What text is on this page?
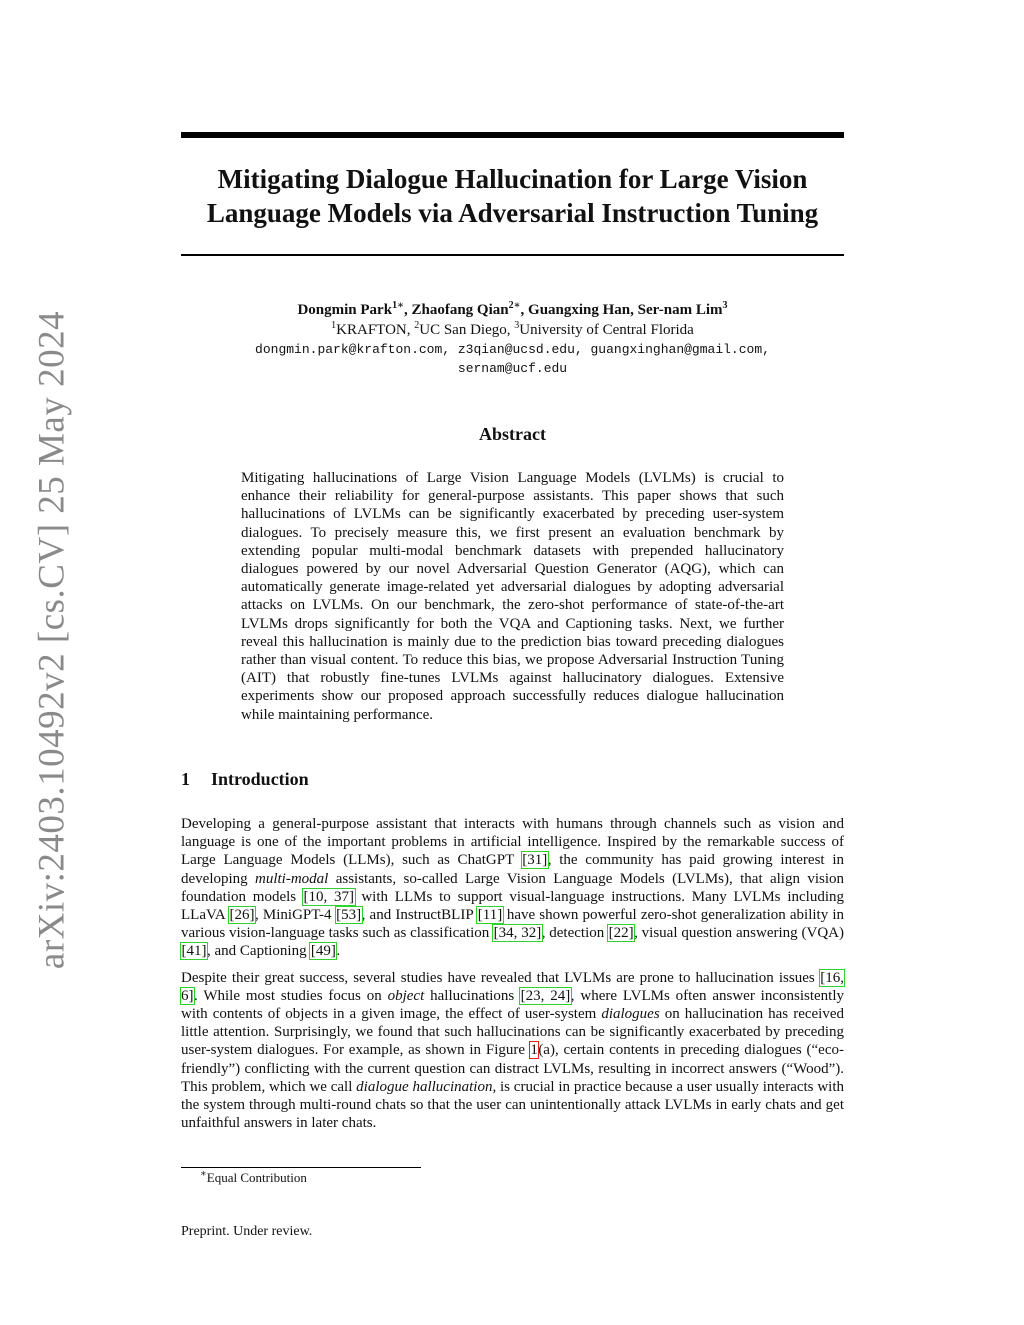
arXiv:2403.10492v2 [cs.CV] 25 May 2024
Mitigating Dialogue Hallucination for Large Vision
Language Models via Adversarial Instruction Tuning
Dongmin Park$^{1∗}$, Zhaofang Qian$^{2∗}$, Guangxing Han, Ser-nam Lim$^3$
$^1$KRAFTON, $^2$UC San Diego, $^3$University of Central Florida
dongmin.park@krafton.com, z3qian@ucsd.edu, guangxinghan@gmail.com,
sernam@ucf.edu
Abstract
Mitigating hallucinations of Large Vision Language Models (LVLMs) is crucial to enhance their reliability for general-purpose assistants. This paper shows that such hallucinations of LVLMs can be significantly exacerbated by preceding user-system dialogues. To precisely measure this, we first present an evaluation benchmark by extending popular multi-modal benchmark datasets with prepended hallucinatory dialogues powered by our novel Adversarial Question Generator (AQG), which can automatically generate image-related yet adversarial dialogues by adopting adversarial attacks on LVLMs. On our benchmark, the zero-shot performance of state-of-the-art LVLMs drops significantly for both the VQA and Captioning tasks. Next, we further reveal this hallucination is mainly due to the prediction bias toward preceding dialogues rather than visual content. To reduce this bias, we propose Adversarial Instruction Tuning (AIT) that robustly fine-tunes LVLMs against hallucinatory dialogues. Extensive experiments show our proposed approach successfully reduces dialogue hallucination while maintaining performance.
1 Introduction

Developing a general-purpose assistant that interacts with humans through channels such as vision and language is one of the important problems in artificial intelligence. Inspired by the remarkable success of Large Language Models (LLMs), such as ChatGPT [31], the community has paid growing interest in developing multi-modal assistants, so-called Large Vision Language Models (LVLMs), that align vision foundation models [10, 37] with LLMs to support visual-language instructions. Many LVLMs including LLaVA [26], MiniGPT-4 [53], and InstructBLIP [11] have shown powerful zero-shot generalization ability in various vision-language tasks such as classification [34, 32], detection [22], visual question answering (VQA) [41], and Captioning [49].

Despite their great success, several studies have revealed that LVLMs are prone to hallucination issues [16, 6]. While most studies focus on object hallucinations [23, 24], where LVLMs often answer inconsistently with contents of objects in a given image, the effect of user-system dialogues on hallucination has received little attention. Surprisingly, we found that such hallucinations can be significantly exacerbated by preceding user-system dialogues. For example, as shown in Figure 1(a), certain contents in preceding dialogues (“eco-friendly”) conflicting with the current question can distract LVLMs, resulting in incorrect answers (“Wood”). This problem, which we call dialogue hallucination, is crucial in practice because a user usually interacts with the system through multi-round chats so that the user can unintentionally attack LVLMs in early chats and get unfaithful answers in later chats.

∗Equal Contribution
Preprint. Under review.
